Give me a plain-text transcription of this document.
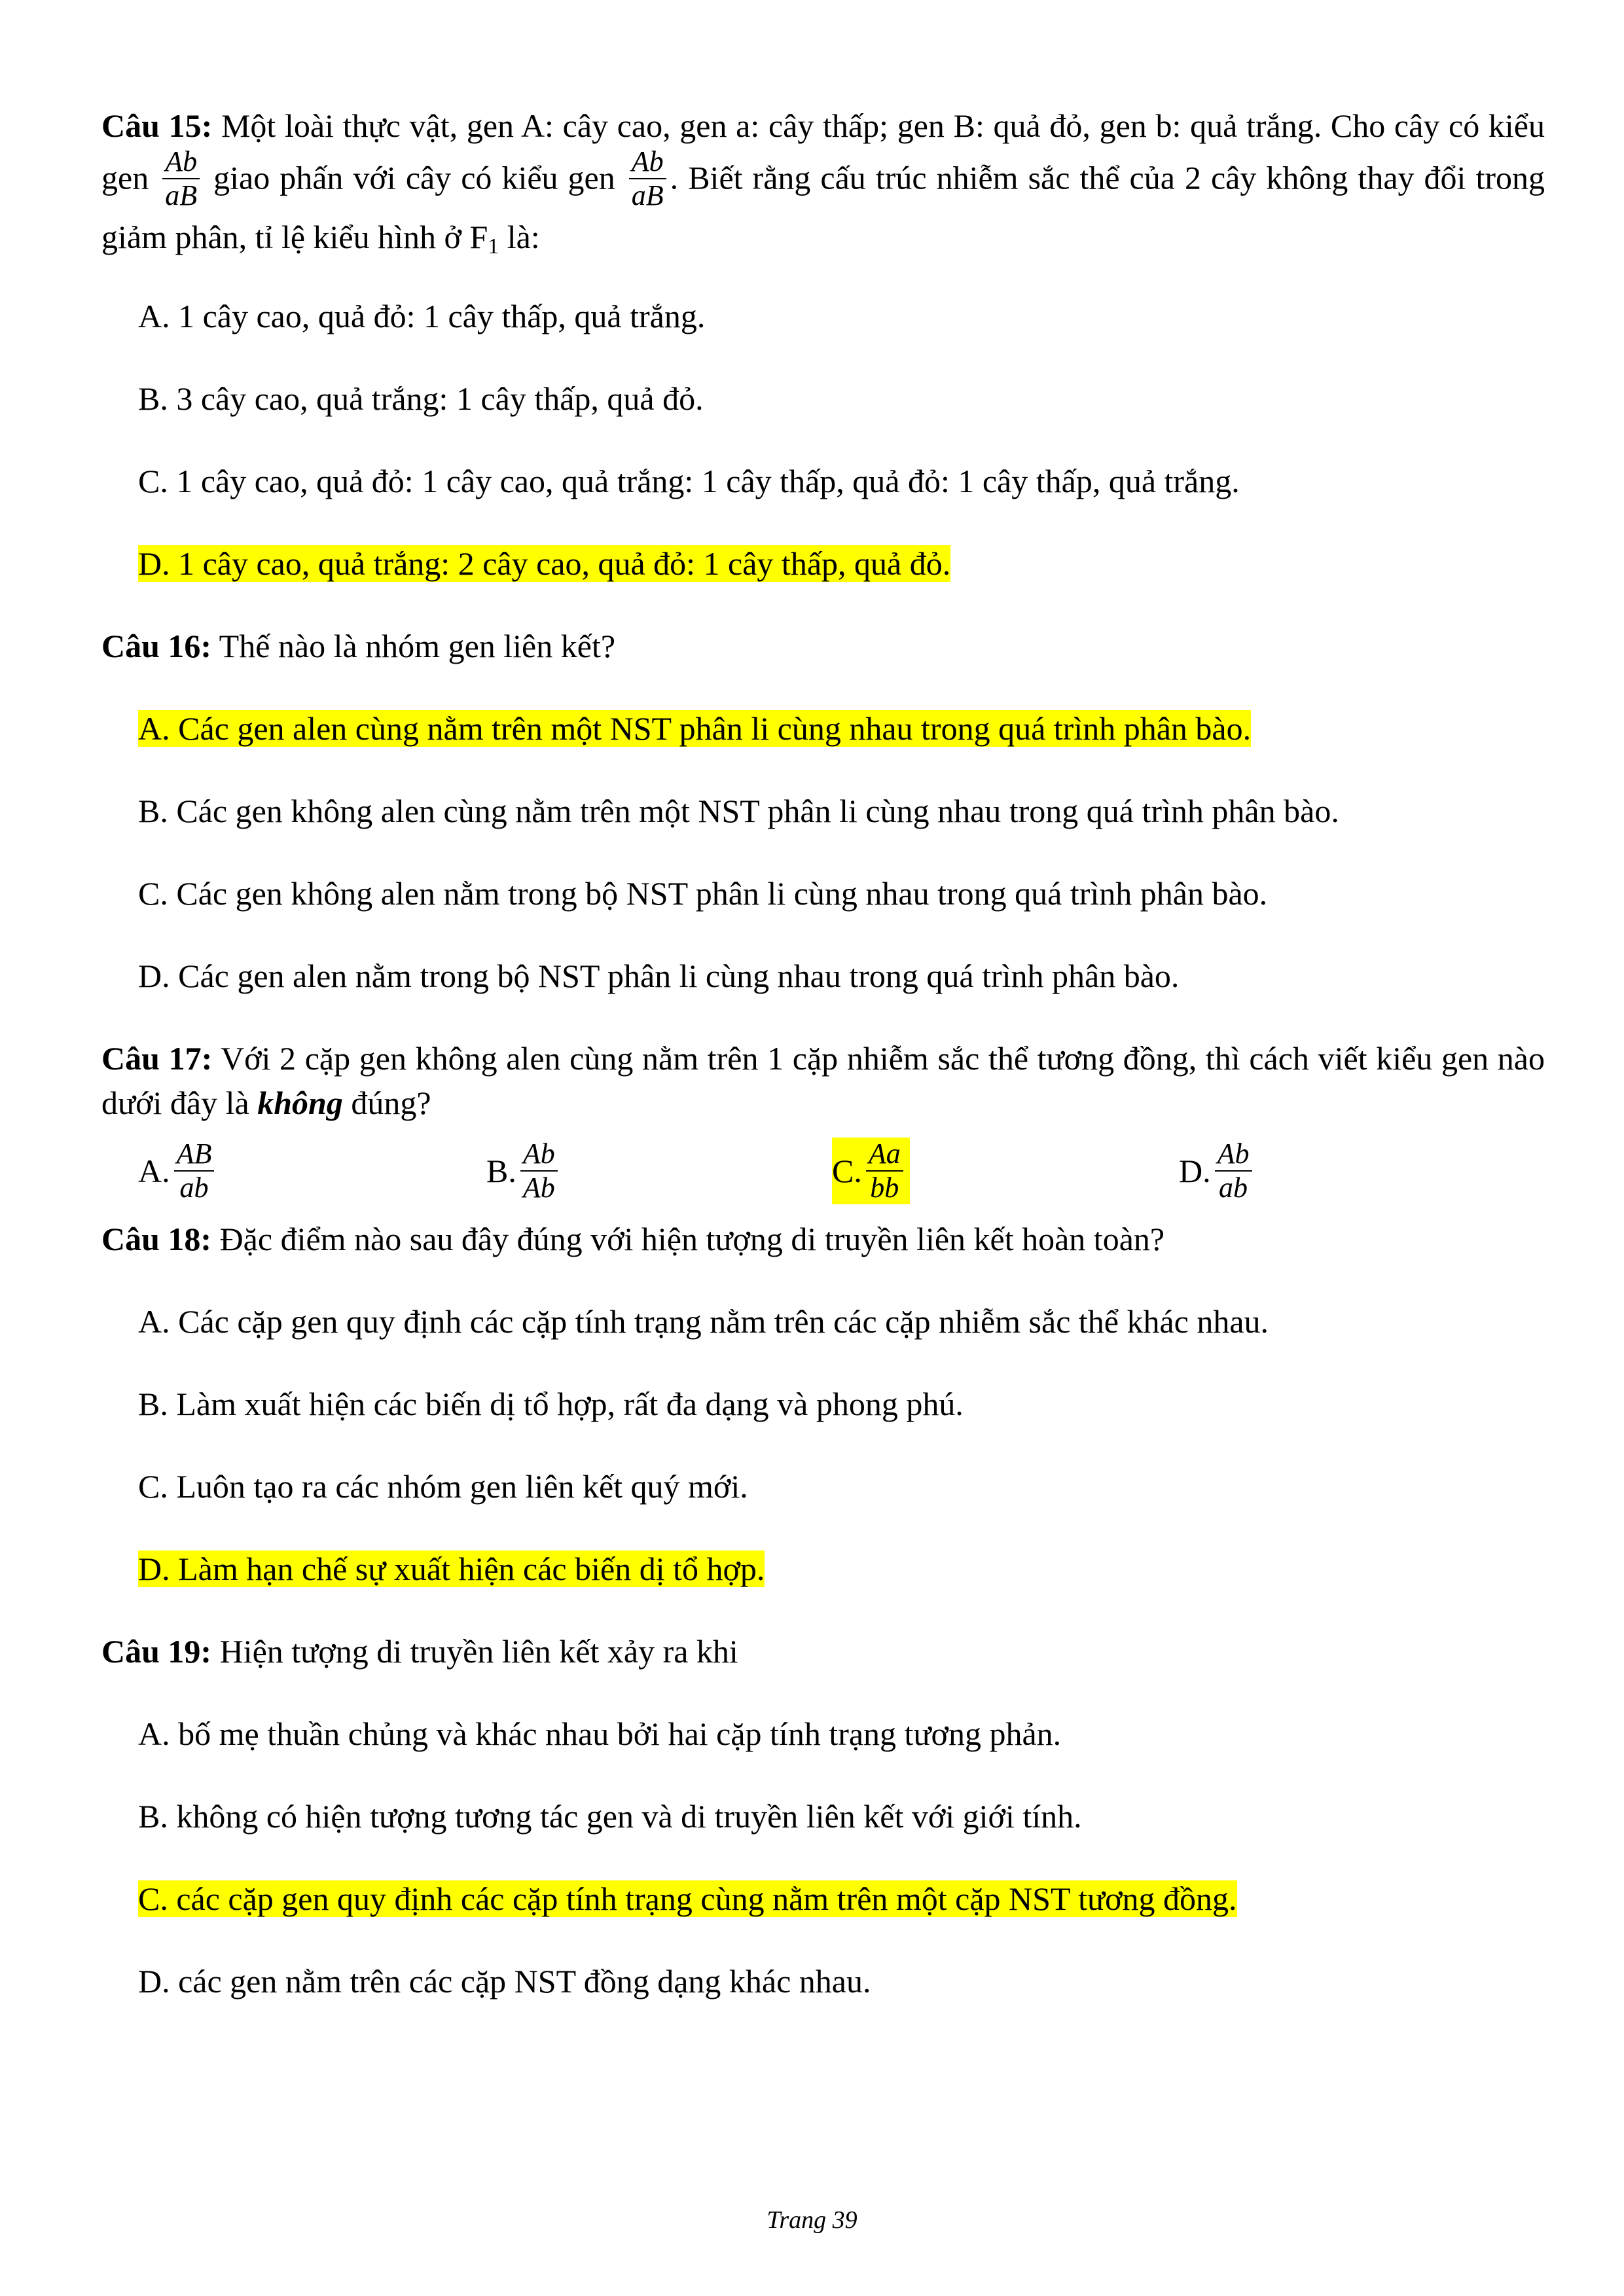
Câu 15: Một loài thực vật, gen A: cây cao, gen a: cây thấp; gen B: quả đỏ, gen b: quả trắng. Cho cây có kiểu gen $\frac{Ab}{aB}$ giao phấn với cây có kiểu gen $\frac{Ab}{aB}$ . Biết rằng cấu trúc nhiễm sắc thể của 2 cây không thay đổi trong giảm phân, tỉ lệ kiểu hình ở $F_1$ là:

A. 1 cây cao, quả đỏ: 1 cây thấp, quả trắng.
B. 3 cây cao, quả trắng: 1 cây thấp, quả đỏ.
C. 1 cây cao, quả đỏ: 1 cây cao, quả trắng: 1 cây thấp, quả đỏ: 1 cây thấp, quả trắng.
D. 1 cây cao, quả trắng: 2 cây cao, quả đỏ: 1 cây thấp, quả đỏ.

Câu 16: Thế nào là nhóm gen liên kết?

A. Các gen alen cùng nằm trên một NST phân li cùng nhau trong quá trình phân bào.
B. Các gen không alen cùng nằm trên một NST phân li cùng nhau trong quá trình phân bào.
C. Các gen không alen nằm trong bộ NST phân li cùng nhau trong quá trình phân bào.
D. Các gen alen nằm trong bộ NST phân li cùng nhau trong quá trình phân bào.

Câu 17: Với 2 cặp gen không alen cùng nằm trên 1 cặp nhiễm sắc thể tương đồng, thì cách viết kiểu gen nào dưới đây là không đúng?

A. $\frac{AB}{ab}$	B. $\frac{Ab}{Ab}$	C. $\frac{Aa}{bb}$	D. $\frac{Ab}{ab}$

Câu 18: Đặc điểm nào sau đây đúng với hiện tượng di truyền liên kết hoàn toàn?

A. Các cặp gen quy định các cặp tính trạng nằm trên các cặp nhiễm sắc thể khác nhau.
B. Làm xuất hiện các biến dị tổ hợp, rất đa dạng và phong phú.
C. Luôn tạo ra các nhóm gen liên kết quý mới.
D. Làm hạn chế sự xuất hiện các biến dị tổ hợp.

Câu 19: Hiện tượng di truyền liên kết xảy ra khi

A. bố mẹ thuần chủng và khác nhau bởi hai cặp tính trạng tương phản.
B. không có hiện tượng tương tác gen và di truyền liên kết với giới tính.
C. các cặp gen quy định các cặp tính trạng cùng nằm trên một cặp NST tương đồng.
D. các gen nằm trên các cặp NST đồng dạng khác nhau.
Trang 39
